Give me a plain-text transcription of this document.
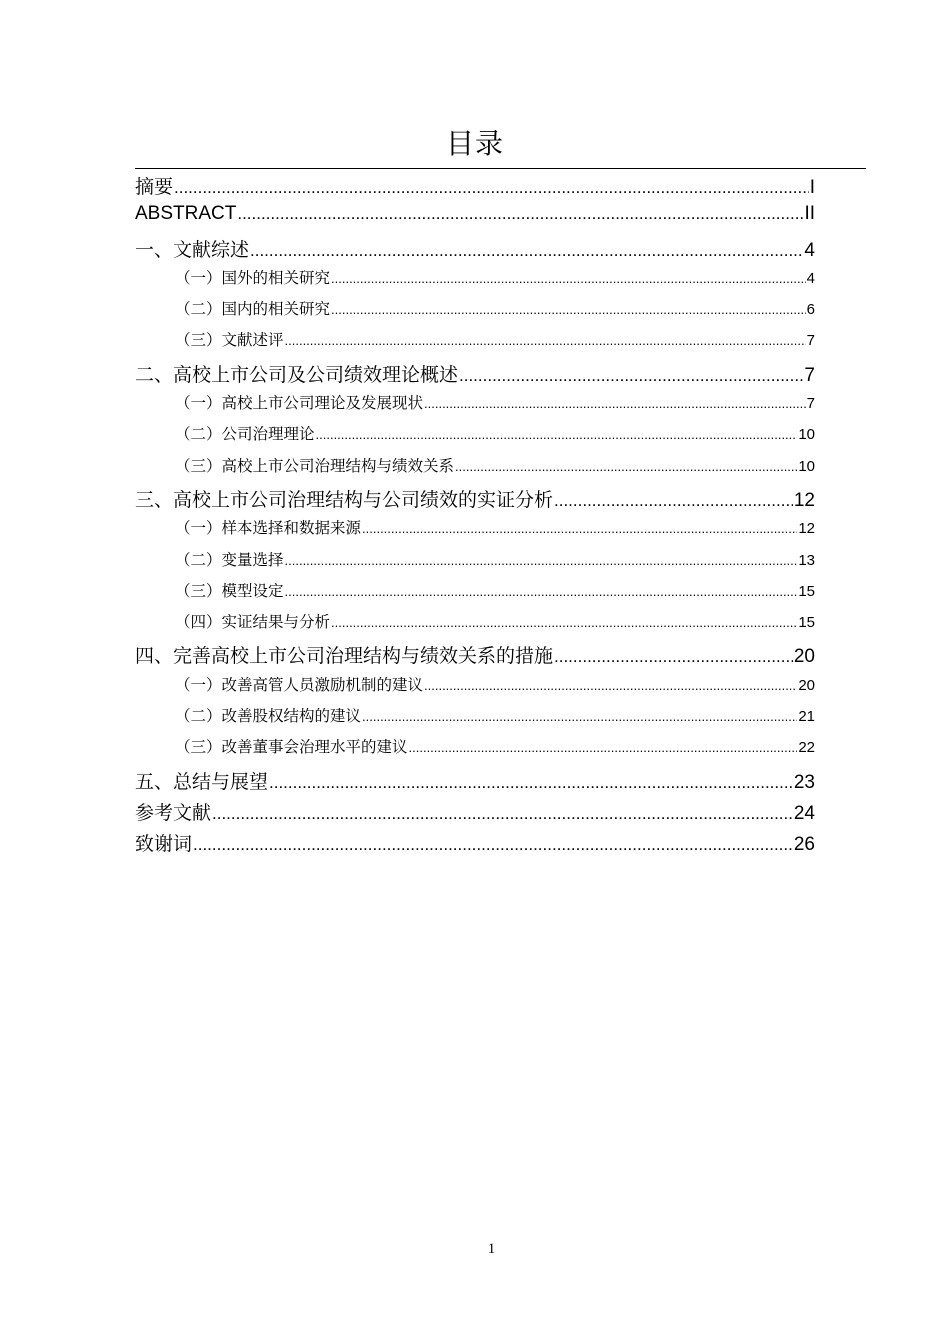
目录
摘要 .....	I
ABSTRACT .....	II
一、文献综述 .....	4
（一）国外的相关研究 .....	4
（二）国内的相关研究 .....	6
（三）文献述评 .....	7
二、高校上市公司及公司绩效理论概述 .....	7
（一）高校上市公司理论及发展现状 .....	7
（二）公司治理理论 .....	10
（三）高校上市公司治理结构与绩效关系 .....	10
三、高校上市公司治理结构与公司绩效的实证分析 .....	12
（一）样本选择和数据来源 .....	12
（二）变量选择 .....	13
（三）模型设定 .....	15
（四）实证结果与分析 .....	15
四、完善高校上市公司治理结构与绩效关系的措施 .....	20
（一）改善高管人员激励机制的建议 .....	20
（二）改善股权结构的建议 .....	21
（三）改善董事会治理水平的建议 .....	22
五、总结与展望 .....	23
参考文献 .....	24
致谢词 .....	26
1
